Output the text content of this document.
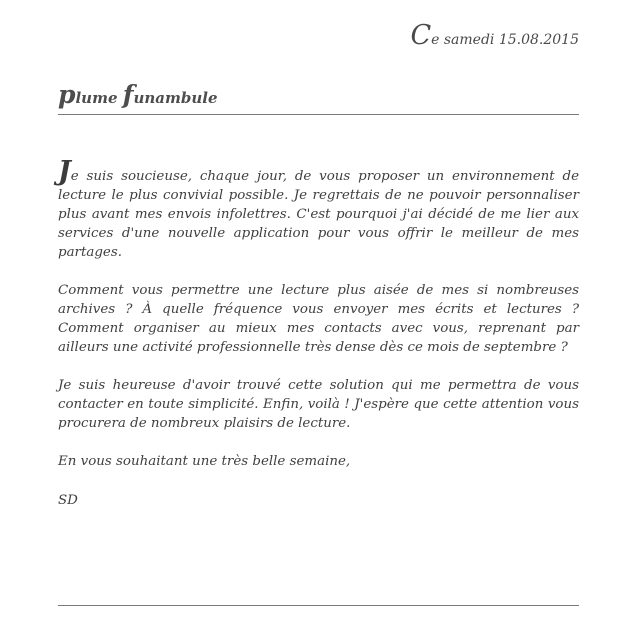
Ce samedi 15.08.2015
plume funambule

Je suis soucieuse, chaque jour, de vous proposer un environnement de lecture le plus convivial possible. Je regrettais de ne pouvoir personnaliser plus avant mes envois infolettres. C'est pourquoi j'ai décidé de me lier aux services d'une nouvelle application pour vous offrir le meilleur de mes partages.

Comment vous permettre une lecture plus aisée de mes si nombreuses archives ? À quelle fréquence vous envoyer mes écrits et lectures ? Comment organiser au mieux mes contacts avec vous, reprenant par ailleurs une activité professionnelle très dense dès ce mois de septembre ?

Je suis heureuse d'avoir trouvé cette solution qui me permettra de vous contacter en toute simplicité. Enfin, voilà ! J'espère que cette attention vous procurera de nombreux plaisirs de lecture.

En vous souhaitant une très belle semaine,

SD
